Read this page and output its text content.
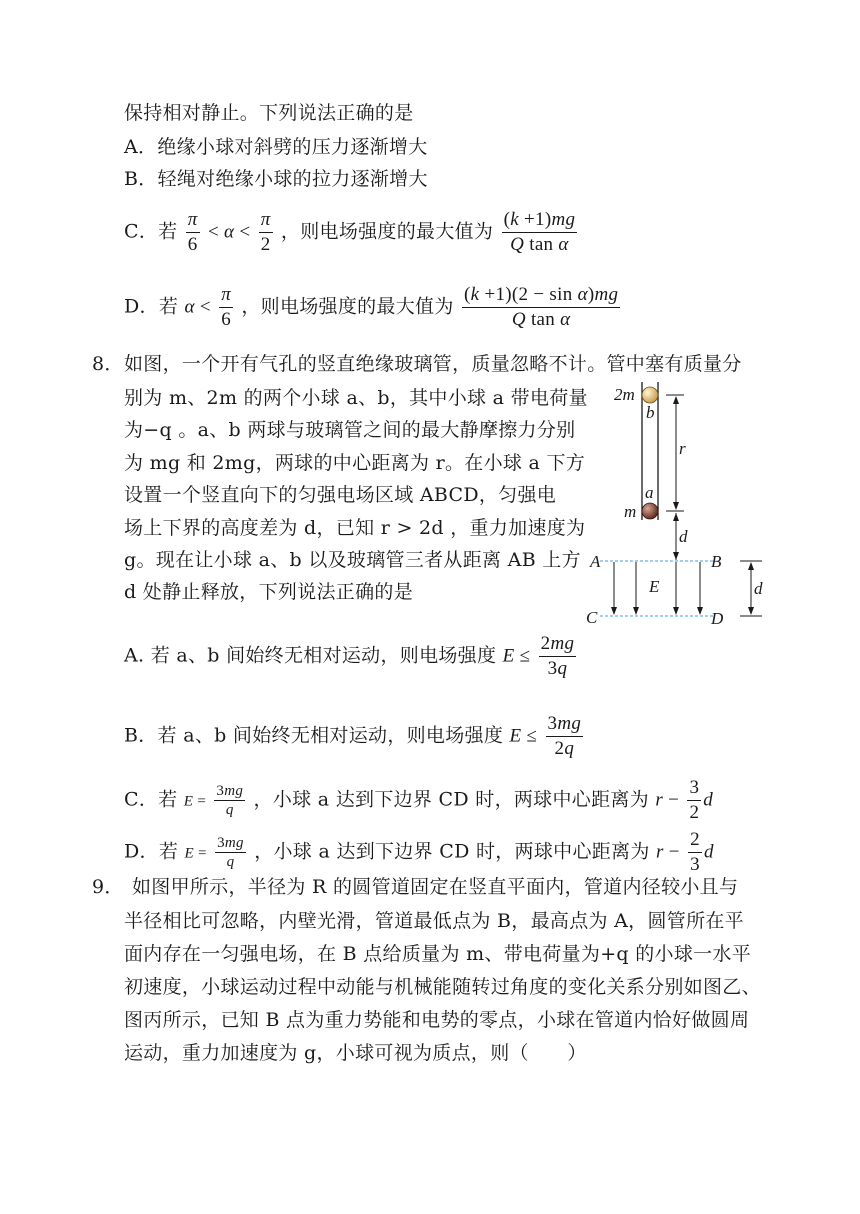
保持相对静止。下列说法正确的是
A．绝缘小球对斜劈的压力逐渐增大
B．轻绳对绝缘小球的拉力逐渐增大
C．若 $\frac{\pi}{6} < \alpha < \frac{\pi}{2}$ ，则电场强度的最大值为 $\frac{(k +1)mg}{\text{Q tan α}}$
D．若 $\alpha < \frac{\pi}{6}$ ，则电场强度的最大值为 $\frac{\text{(k +1)(2 − sin α)mg}}{\text{Q tan α}}$
8． 如图，一个开有气孔的竖直绝缘玻璃管，质量忽略不计。管中塞有质量分
别为 m、2m 的两个小球 a、b，其中小球 a 带电荷量
为−q 。a、b 两球与玻璃管之间的最大静摩擦力分别
为 mg 和 2mg，两球的中心距离为 r。在小球 a 下方
设置一个竖直向下的匀强电场区域 ABCD，匀强电
场上下界的高度差为 d，已知 r > 2d ，重力加速度为
g。现在让小球 a、b 以及玻璃管三者从距离 AB 上方
d 处静止释放，下列说法正确的是
A. 若 a、b 间始终无相对运动，则电场强度 $E \le \frac{2mg}{3q}$
B．若 a、b 间始终无相对运动，则电场强度 $E \le \frac{3mg}{2q}$
C．若 $E = \frac{3mg}{q}$ ，小球 a 达到下边界 CD 时，两球中心距离为 $r - \frac{3}{2}$ d
D．若 $E = \frac{3mg}{q}$ ，小球 a 达到下边界 CD 时，两球中心距离为 $r - \frac{2}{3}$ d
9． 如图甲所示，半径为 R 的圆管道固定在竖直平面内，管道内径较小且与
半径相比可忽略，内壁光滑，管道最低点为 B，最高点为 A，圆管所在平
面内存在一匀强电场，在 B 点给质量为 m、带电荷量为+q 的小球一水平
初速度，小球运动过程中动能与机械能随转过角度的变化关系分别如图乙、
图丙所示，已知 B 点为重力势能和电势的零点，小球在管道内恰好做圆周
运动，重力加速度为 g，小球可视为质点，则（　　）
2m
b
a
m
r
d
A	B
C	D
E	d
